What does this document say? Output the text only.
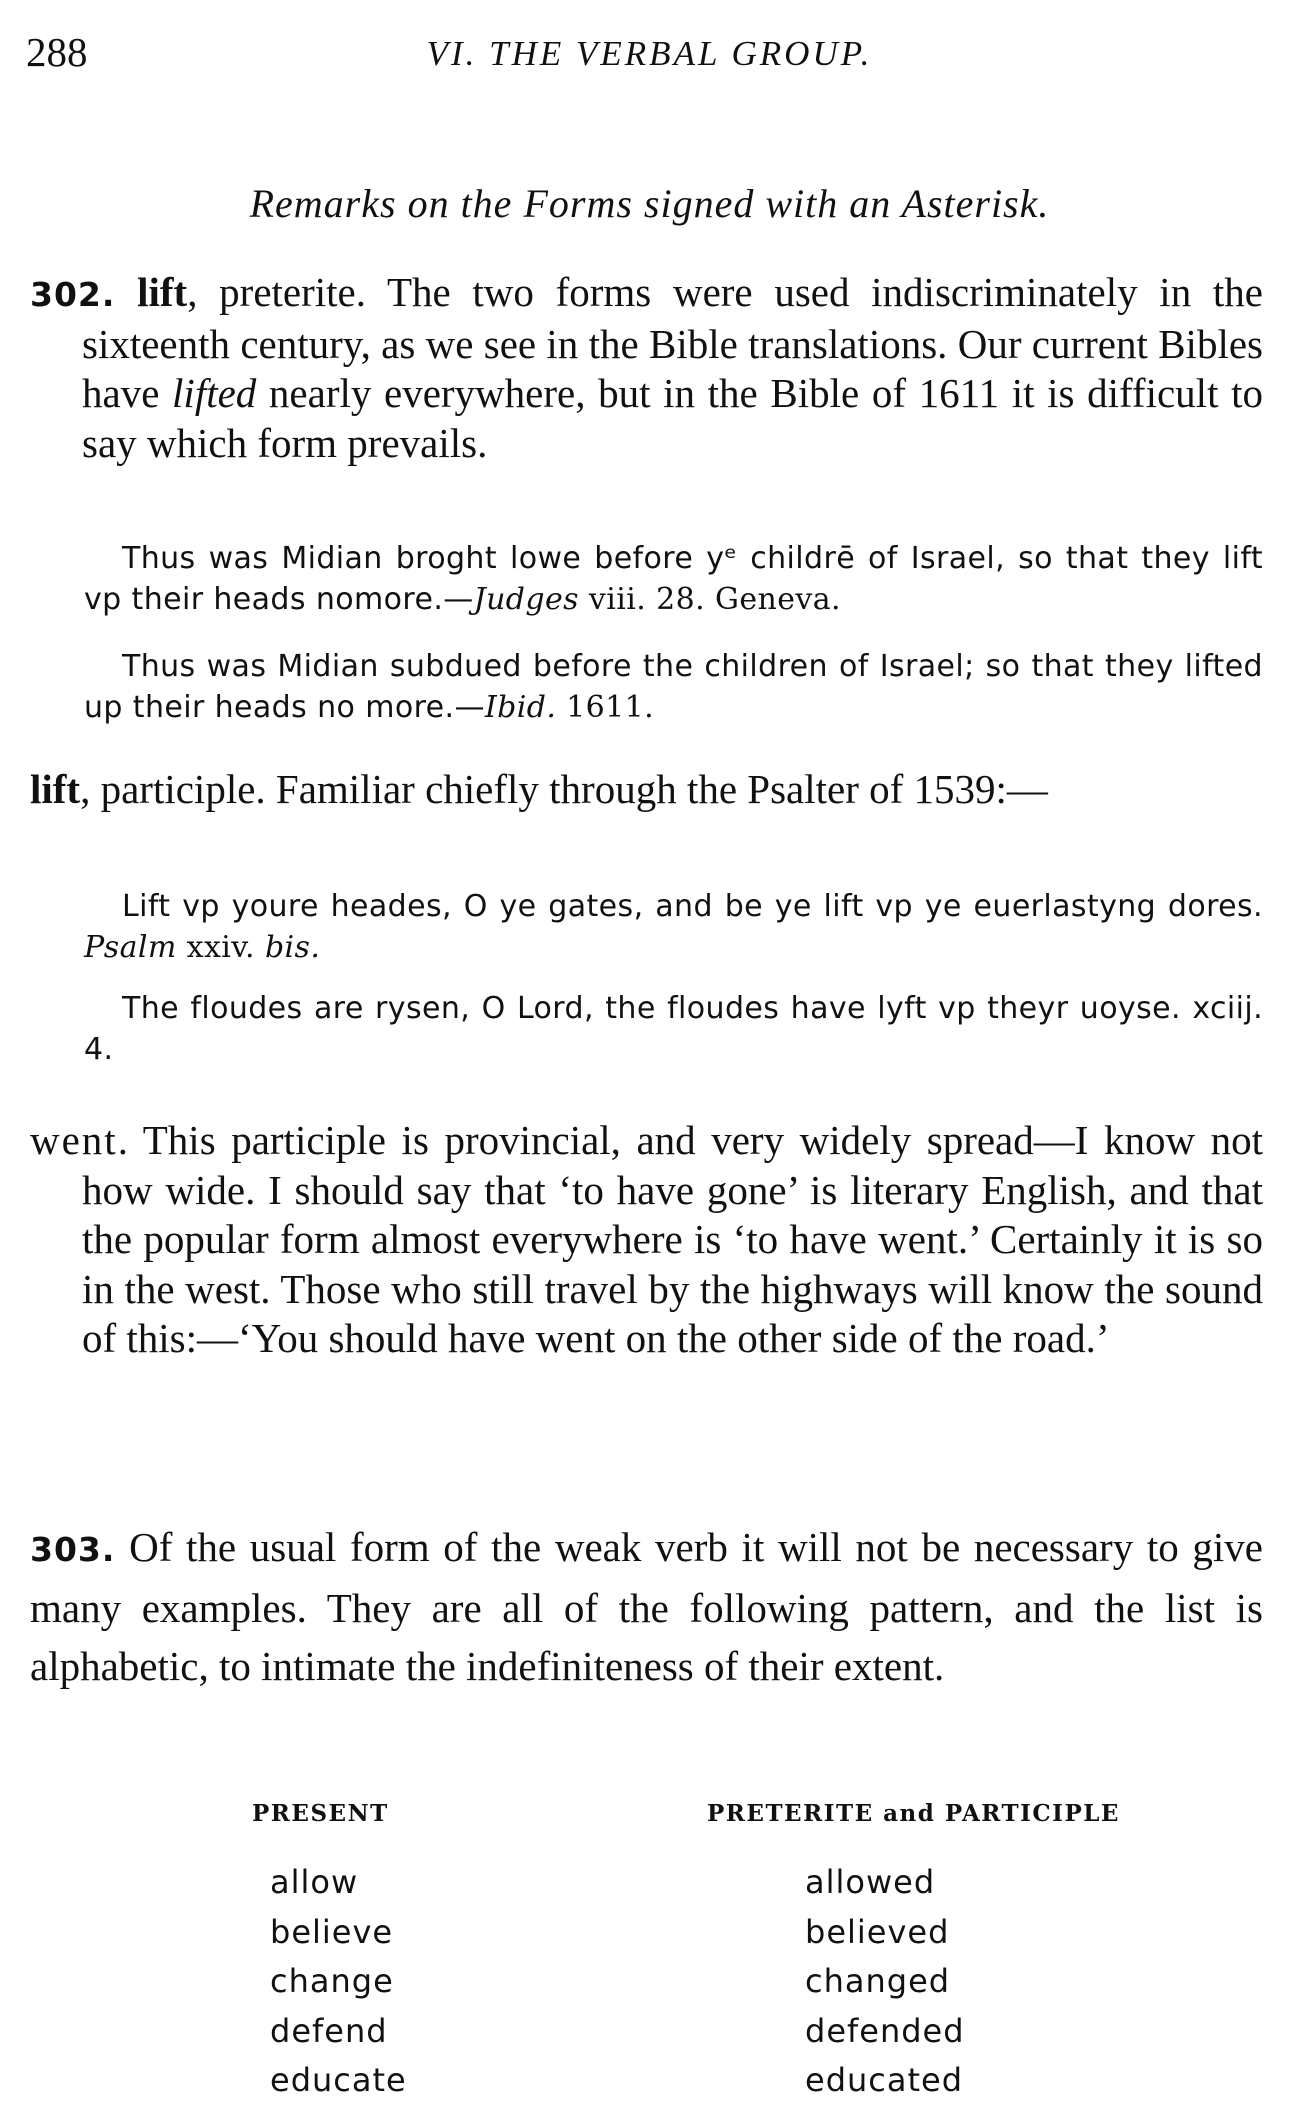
288	VI. THE VERBAL GROUP.
Remarks on the Forms signed with an Asterisk.

302. lift, preterite. The two forms were used indiscriminately in the sixteenth century, as we see in the Bible translations. Our current Bibles have lifted nearly everywhere, but in the Bible of 1611 it is difficult to say which form prevails.

Thus was Midian broght lowe before yᵉ childrē of Israel, so that they lift vp their heads nomore.—Judges viii. 28. Geneva.

Thus was Midian subdued before the children of Israel; so that they lifted up their heads no more.—Ibid. 1611.

lift, participle. Familiar chiefly through the Psalter of 1539:—

Lift vp youre heades, O ye gates, and be ye lift vp ye euerlastyng dores. Psalm xxiv. bis.

The floudes are rysen, O Lord, the floudes have lyft vp theyr uoyse. xciij. 4.

went. This participle is provincial, and very widely spread—I know not how wide. I should say that ‘to have gone’ is literary English, and that the popular form almost everywhere is ‘to have went.’ Certainly it is so in the west. Those who still travel by the highways will know the sound of this:—‘You should have went on the other side of the road.’

303. Of the usual form of the weak verb it will not be necessary to give many examples. They are all of the following pattern, and the list is alphabetic, to intimate the indefiniteness of their extent.

PRESENT	PRETERITE and PARTICIPLE
allow
believe
change
defend
educate
allowed
believed
changed
defended
educated
